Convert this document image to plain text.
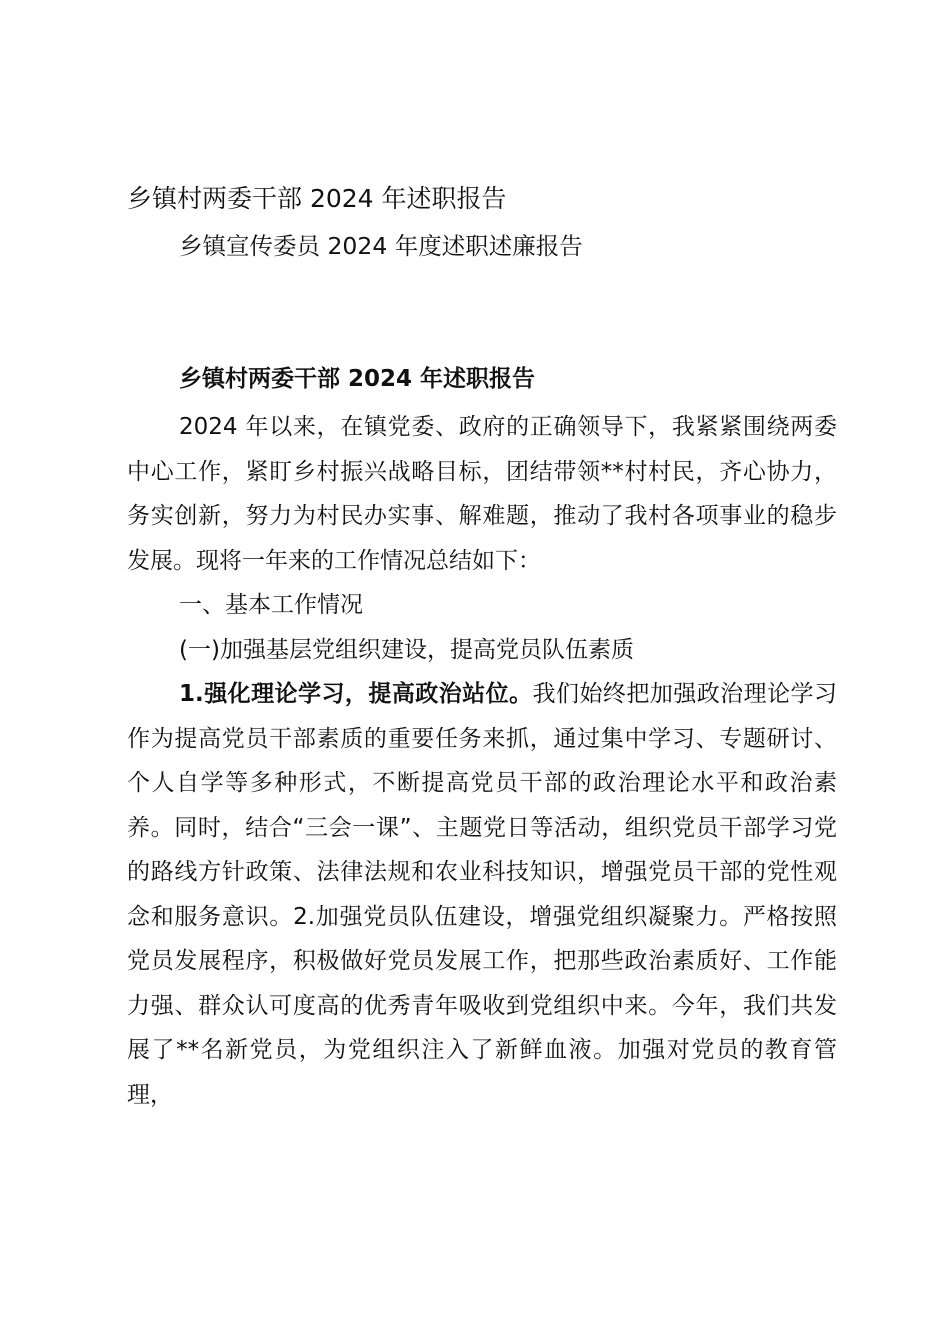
乡镇村两委干部 2024 年述职报告
乡镇宣传委员 2024 年度述职述廉报告
乡镇村两委干部 2024 年述职报告

2024 年以来，在镇党委、政府的正确领导下，我紧紧围绕两委中心工作，紧盯乡村振兴战略目标，团结带领**村村民，齐心协力，务实创新，努力为村民办实事、解难题，推动了我村各项事业的稳步发展。现将一年来的工作情况总结如下：

一、基本工作情况

(一)加强基层党组织建设，提高党员队伍素质

1.强化理论学习，提高政治站位。我们始终把加强政治理论学习作为提高党员干部素质的重要任务来抓，通过集中学习、专题研讨、个人自学等多种形式，不断提高党员干部的政治理论水平和政治素养。同时，结合“三会一课”、主题党日等活动，组织党员干部学习党的路线方针政策、法律法规和农业科技知识，增强党员干部的党性观念和服务意识。2.加强党员队伍建设，增强党组织凝聚力。严格按照党员发展程序，积极做好党员发展工作，把那些政治素质好、工作能力强、群众认可度高的优秀青年吸收到党组织中来。今年，我们共发展了**名新党员，为党组织注入了新鲜血液。加强对党员的教育管理，
